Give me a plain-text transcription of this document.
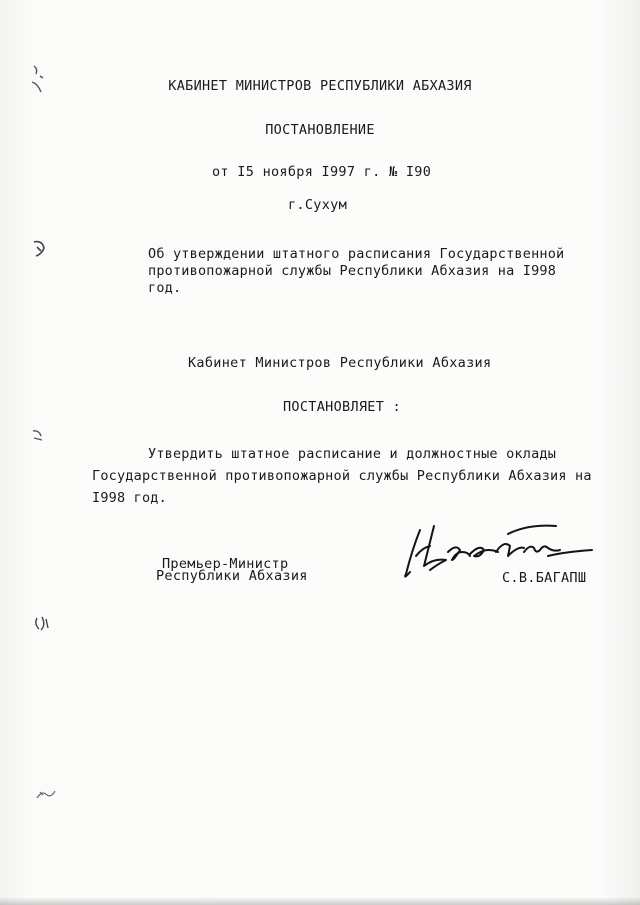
КАБИНЕТ МИНИСТРОВ РЕСПУБЛИКИ АБХАЗИЯ
ПОСТАНОВЛЕНИЕ
от I5 ноября I997 г. № I90
г.Сухум
Об утверждении штатного расписания Государственной противопожарной службы Республики Абхазия на I998 год.
Кабинет Министров Республики Абхазия
ПОСТАНОВЛЯЕТ :
Утвердить штатное расписание и должностные оклады Государственной противопожарной службы Республики Абхазия на I998 год.
Премьер-Министр
Республики Абхазия	С.В.БАГАПШ
